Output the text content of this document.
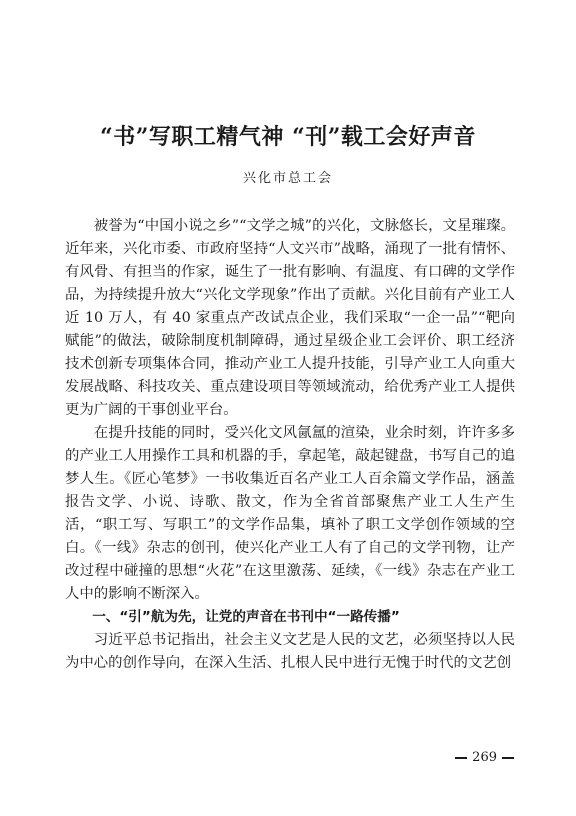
“书”写职工精气神 “刊”载工会好声音
兴化市总工会

被誉为“中国小说之乡”“文学之城”的兴化，文脉悠长，文星璀璨。近年来，兴化市委、市政府坚持“人文兴市”战略，涌现了一批有情怀、有风骨、有担当的作家，诞生了一批有影响、有温度、有口碑的文学作品，为持续提升放大“兴化文学现象”作出了贡献。兴化目前有产业工人近 10 万人，有 40 家重点产改试点企业，我们采取“一企一品”“靶向赋能”的做法，破除制度机制障碍，通过星级企业工会评价、职工经济技术创新专项集体合同，推动产业工人提升技能，引导产业工人向重大发展战略、科技攻关、重点建设项目等领域流动，给优秀产业工人提供更为广阔的干事创业平台。

在提升技能的同时，受兴化文风氤氲的渲染，业余时刻，许许多多的产业工人用操作工具和机器的手，拿起笔，敲起键盘，书写自己的追梦人生。《匠心笔梦》一书收集近百名产业工人百余篇文学作品，涵盖报告文学、小说、诗歌、散文，作为全省首部聚焦产业工人生产生活，“职工写、写职工”的文学作品集，填补了职工文学创作领域的空白。《一线》杂志的创刊，使兴化产业工人有了自己的文学刊物，让产改过程中碰撞的思想“火花”在这里激荡、延续，《一线》杂志在产业工人中的影响不断深入。

一、“引”航为先，让党的声音在书刊中“一路传播”

习近平总书记指出，社会主义文艺是人民的文艺，必须坚持以人民为中心的创作导向，在深入生活、扎根人民中进行无愧于时代的文艺创

269
